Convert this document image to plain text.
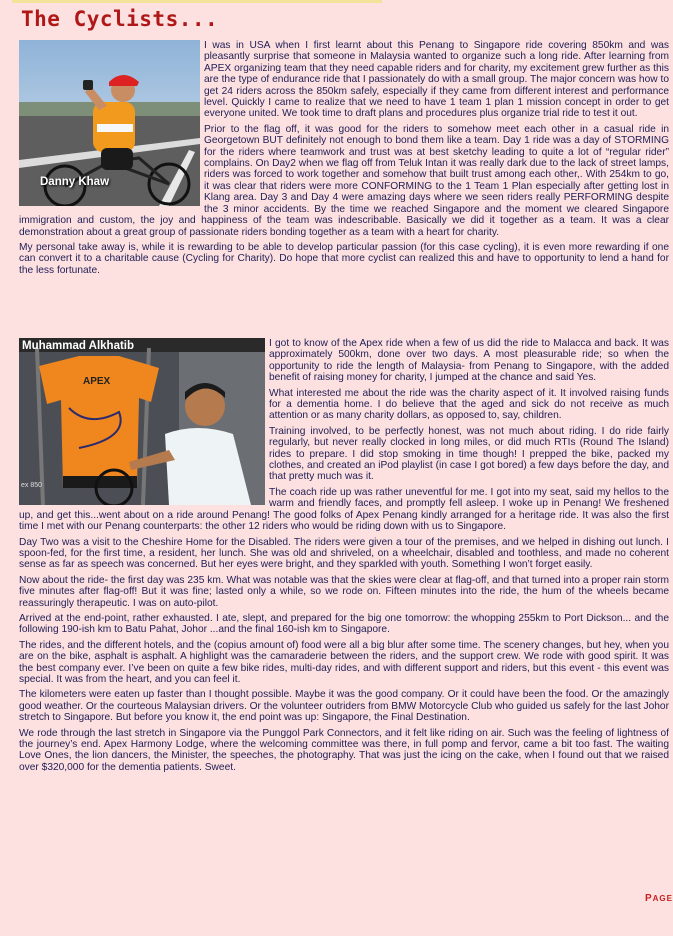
The Cyclists...
Danny Khaw

I was in USA when I first learnt about this Penang to Singapore ride covering 850km and was pleasantly surprise that someone in Malaysia wanted to organize such a long ride. After learning from APEX organizing team that they need capable riders and for charity, my excitement grew further as this are the type of endurance ride that I passionately do with a small group. The major concern was how to get 24 riders across the 850km safely, especially if they came from different interest and performance level. Quickly I came to realize that we need to have 1 team 1 plan 1 mission concept in order to get everyone united. We took time to draft plans and procedures plus organize trial ride to test it out.

Prior to the flag off, it was good for the riders to somehow meet each other in a casual ride in Georgetown BUT definitely not enough to bond them like a team. Day 1 ride was a day of STORMING for the riders where teamwork and trust was at best sketchy leading to quite a lot of “regular rider” complains. On Day2 when we flag off from Teluk Intan it was really dark due to the lack of street lamps, riders was forced to work together and somehow that built trust among each other,. With 254km to go, it was clear that riders were more CONFORMING to the 1 Team 1 Plan especially after getting lost in Klang area. Day 3 and Day 4 were amazing days where we seen riders really PERFORMING despite the 3 minor accidents. By the time we reached Singapore and the moment we cleared Singapore immigration and custom, the joy and happiness of the team was indescribable. Basically we did it together as a team. It was a clear demonstration about a great group of passionate riders bonding together as a team with a heart for charity.

My personal take away is, while it is rewarding to be able to develop particular passion (for this case cycling), it is even more rewarding if one can convert it to a charitable cause (Cycling for Charity). Do hope that more cyclist can realized this and have to opportunity to lend a hand for the less fortunate.

APEX
Muhammad Alkhatib
ex 850

I got to know of the Apex ride when a few of us did the ride to Malacca and back. It was approximately 500km, done over two days. A most pleasurable ride; so when the opportunity to ride the length of Malaysia- from Penang to Singapore, with the added benefit of raising money for charity, I jumped at the chance and said Yes.

What interested me about the ride was the charity aspect of it. It involved raising funds for a dementia home. I do believe that the aged and sick do not receive as much attention or as many charity dollars, as opposed to, say, children.

Training involved, to be perfectly honest, was not much about riding. I do ride fairly regularly, but never really clocked in long miles, or did much RTIs (Round The Island) rides to prepare. I did stop smoking in time though! I prepped the bike, packed my clothes, and created an iPod playlist (in case I got bored) a few days before the day, and that pretty much was it.

The coach ride up was rather uneventful for me. I got into my seat, said my hellos to the warm and friendly faces, and promptly fell asleep. I woke up in Penang! We freshened up, and get this...went about on a ride around Penang! The good folks of Apex Penang kindly arranged for a heritage ride. It was also the first time I met with our Penang counterparts: the other 12 riders who would be riding down with us to Singapore.

Day Two was a visit to the Cheshire Home for the Disabled. The riders were given a tour of the premises, and we helped in dishing out lunch. I spoon-fed, for the first time, a resident, her lunch. She was old and shriveled, on a wheelchair, disabled and toothless, and made no coherent sense as far as speech was concerned. But her eyes were bright, and they sparkled with youth. Something I won’t forget easily.

Now about the ride- the first day was 235 km. What was notable was that the skies were clear at flag-off, and that turned into a proper rain storm five minutes after flag-off! But it was fine; lasted only a while, so we rode on. Fifteen minutes into the ride, the hum of the wheels became reassuringly therapeutic. I was on auto-pilot.

Arrived at the end-point, rather exhausted. I ate, slept, and prepared for the big one tomorrow: the whopping 255km to Port Dickson... and the following 190-ish km to Batu Pahat, Johor ...and the final 160-ish km to Singapore.

The rides, and the different hotels, and the (copius amount of) food were all a big blur after some time. The scenery changes, but hey, when you are on the bike, asphalt is asphalt. A highlight was the camaraderie between the riders, and the support crew. We rode with good spirit. It was the best company ever. I’ve been on quite a few bike rides, multi-day rides, and with different support and riders, but this event - this event was special. It was from the heart, and you can feel it.

The kilometers were eaten up faster than I thought possible. Maybe it was the good company. Or it could have been the food. Or the amazingly good weather. Or the courteous Malaysian drivers. Or the volunteer outriders from BMW Motorcycle Club who guided us safely for the last Johor stretch to Singapore. But before you know it, the end point was up: Singapore, the Final Destination.

We rode through the last stretch in Singapore via the Punggol Park Connectors, and it felt like riding on air. Such was the feeling of lightness of the journey’s end. Apex Harmony Lodge, where the welcoming committee was there, in full pomp and fervor, came a bit too fast. The waiting Love Ones, the lion dancers, the Minister, the speeches, the photography. That was just the icing on the cake, when I found out that we raised over $320,000 for the dementia patients. Sweet.

PAGE
